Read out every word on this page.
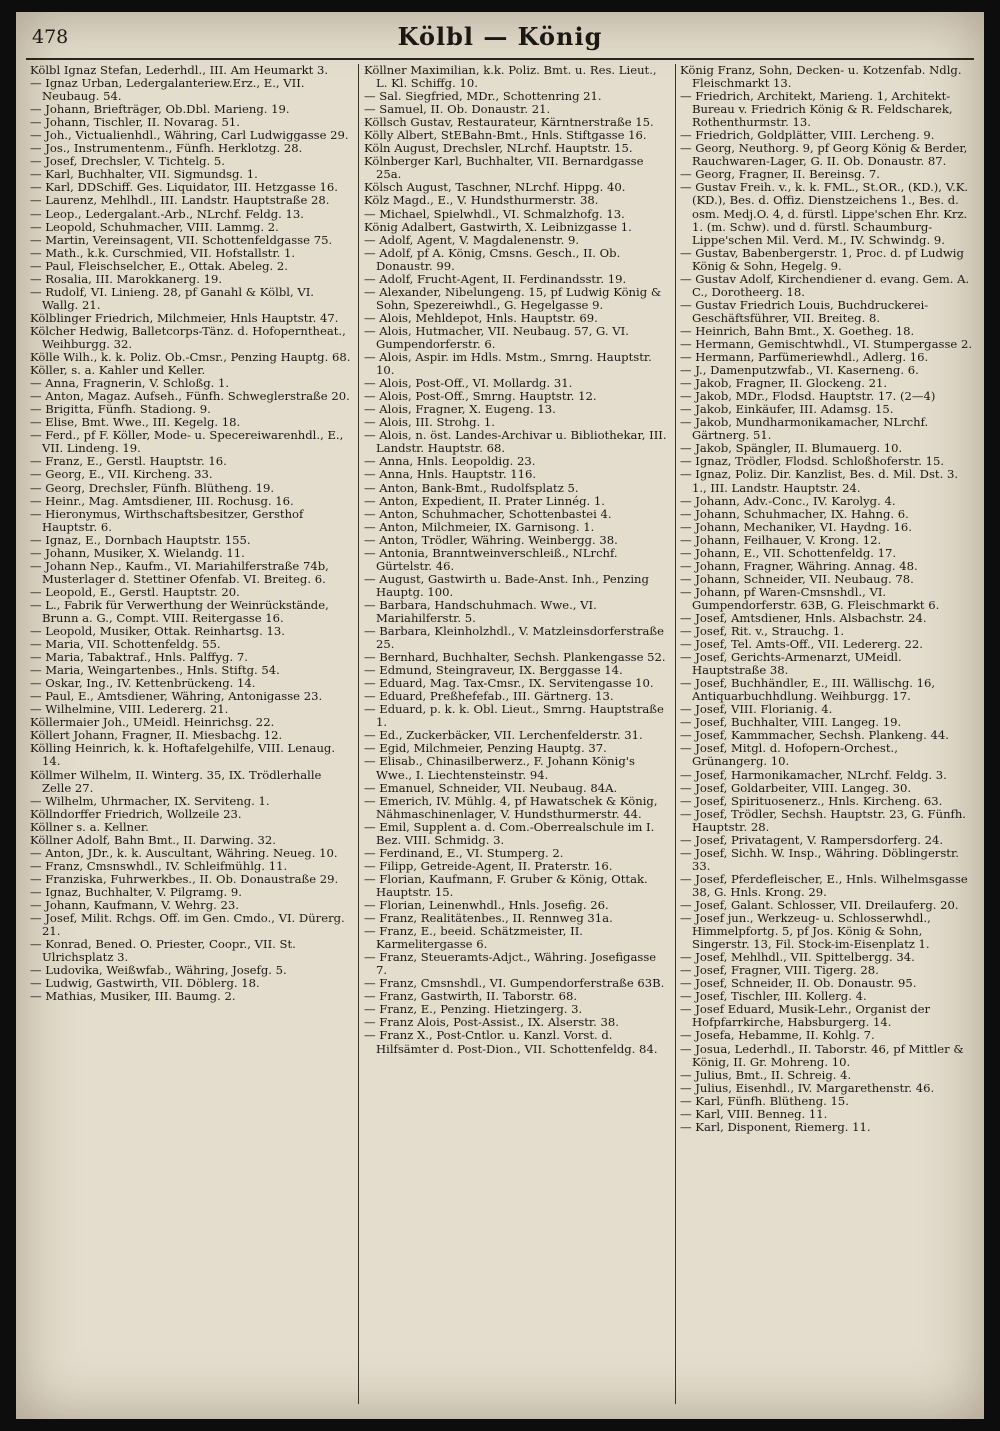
478	Kölbl — König

Kölbl Ignaz Stefan, Lederhdl., III. Am Heumarkt 3.

— Ignaz Urban, Ledergalanteriew.Erz., E., VII. Neubaug. 54.

— Johann, Briefträger, Ob.Dbl. Marieng. 19.

— Johann, Tischler, II. Novarag. 51.

— Joh., Victualienhdl., Währing, Carl Ludwiggasse 29.

— Jos., Instrumentenm., Fünfh. Herklotzg. 28.

— Josef, Drechsler, V. Tichtelg. 5.

— Karl, Buchhalter, VII. Sigmundsg. 1.

— Karl, DDSchiff. Ges. Liquidator, III. Hetzgasse 16.

— Laurenz, Mehlhdl., III. Landstr. Hauptstraße 28.

— Leop., Ledergalant.-Arb., NLrchf. Feldg. 13.

— Leopold, Schuhmacher, VIII. Lammg. 2.

— Martin, Vereinsagent, VII. Schottenfeldgasse 75.

— Math., k.k. Curschmied, VII. Hofstallstr. 1.

— Paul, Fleischselcher, E., Ottak. Abeleg. 2.

— Rosalia, III. Marokkanerg. 19.

— Rudolf, VI. Linieng. 28, pf Ganahl & Kölbl, VI. Wallg. 21.

Kölblinger Friedrich, Milchmeier, Hnls Hauptstr. 47.

Kölcher Hedwig, Balletcorps-Tänz. d. Hofoperntheat., Weihburgg. 32.

Kölle Wilh., k. k. Poliz. Ob.-Cmsr., Penzing Hauptg. 68.

Köller, s. a. Kahler und Keller.

— Anna, Fragnerin, V. Schloßg. 1.

— Anton, Magaz. Aufseh., Fünfh. Schweglerstraße 20.

— Brigitta, Fünfh. Stadiong. 9.

— Elise, Bmt. Wwe., III. Kegelg. 18.

— Ferd., pf F. Köller, Mode- u. Specereiwarenhdl., E., VII. Lindeng. 19.

— Franz, E., Gerstl. Hauptstr. 16.

— Georg, E., VII. Kircheng. 33.

— Georg, Drechsler, Fünfh. Blütheng. 19.

— Heinr., Mag. Amtsdiener, III. Rochusg. 16.

— Hieronymus, Wirthschaftsbesitzer, Gersthof Hauptstr. 6.

— Ignaz, E., Dornbach Hauptstr. 155.

— Johann, Musiker, X. Wielandg. 11.

— Johann Nep., Kaufm., VI. Mariahilferstraße 74b, Musterlager d. Stettiner Ofenfab. VI. Breiteg. 6.

— Leopold, E., Gerstl. Hauptstr. 20.

— L., Fabrik für Verwerthung der Weinrückstände, Brunn a. G., Compt. VIII. Reitergasse 16.

— Leopold, Musiker, Ottak. Reinhartsg. 13.

— Maria, VII. Schottenfeldg. 55.

— Maria, Tabaktraf., Hnls. Palffyg. 7.

— Maria, Weingartenbes., Hnls. Stiftg. 54.

— Oskar, Ing., IV. Kettenbrückeng. 14.

— Paul, E., Amtsdiener, Währing, Antonigasse 23.

— Wilhelmine, VIII. Ledererg. 21.

Köllermaier Joh., UMeidl. Heinrichsg. 22.

Köllert Johann, Fragner, II. Miesbachg. 12.

Kölling Heinrich, k. k. Hoftafelgehilfe, VIII. Lenaug. 14.

Köllmer Wilhelm, II. Winterg. 35, IX. Trödlerhalle Zelle 27.

— Wilhelm, Uhrmacher, IX. Serviteng. 1.

Köllndorffer Friedrich, Wollzeile 23.

Köllner s. a. Kellner.

Köllner Adolf, Bahn Bmt., II. Darwing. 32.

— Anton, JDr., k. k. Auscultant, Währing. Neueg. 10.

— Franz, Cmsnswhdl., IV. Schleifmühlg. 11.

— Franziska, Fuhrwerkbes., II. Ob. Donaustraße 29.

— Ignaz, Buchhalter, V. Pilgramg. 9.

— Johann, Kaufmann, V. Wehrg. 23.

— Josef, Milit. Rchgs. Off. im Gen. Cmdo., VI. Dürerg. 21.

— Konrad, Bened. O. Priester, Coopr., VII. St. Ulrichsplatz 3.

— Ludovika, Weißwfab., Währing, Josefg. 5.

— Ludwig, Gastwirth, VII. Döblerg. 18.

— Mathias, Musiker, III. Baumg. 2.

Köllner Maximilian, k.k. Poliz. Bmt. u. Res. Lieut., L. Kl. Schiffg. 10.

— Sal. Siegfried, MDr., Schottenring 21.

— Samuel, II. Ob. Donaustr. 21.

Köllsch Gustav, Restaurateur, Kärntnerstraße 15.

Kölly Albert, StEBahn-Bmt., Hnls. Stiftgasse 16.

Köln August, Drechsler, NLrchf. Hauptstr. 15.

Kölnberger Karl, Buchhalter, VII. Bernardgasse 25a.

Kölsch August, Taschner, NLrchf. Hippg. 40.

Kölz Magd., E., V. Hundsthurmerstr. 38.

— Michael, Spielwhdl., VI. Schmalzhofg. 13.

König Adalbert, Gastwirth, X. Leibnizgasse 1.

— Adolf, Agent, V. Magdalenenstr. 9.

— Adolf, pf A. König, Cmsns. Gesch., II. Ob. Donaustr. 99.

— Adolf, Frucht-Agent, II. Ferdinandsstr. 19.

— Alexander, Nibelungeng. 15, pf Ludwig König & Sohn, Spezereiwhdl., G. Hegelgasse 9.

— Alois, Mehldepot, Hnls. Hauptstr. 69.

— Alois, Hutmacher, VII. Neubaug. 57, G. VI. Gumpendorferstr. 6.

— Alois, Aspir. im Hdls. Mstm., Smrng. Hauptstr. 10.

— Alois, Post-Off., VI. Mollardg. 31.

— Alois, Post-Off., Smrng. Hauptstr. 12.

— Alois, Fragner, X. Eugeng. 13.

— Alois, III. Strohg. 1.

— Alois, n. öst. Landes-Archivar u. Bibliothekar, III. Landstr. Hauptstr. 68.

— Anna, Hnls. Leopoldig. 23.

— Anna, Hnls. Hauptstr. 116.

— Anton, Bank-Bmt., Rudolfsplatz 5.

— Anton, Expedient, II. Prater Linnég. 1.

— Anton, Schuhmacher, Schottenbastei 4.

— Anton, Milchmeier, IX. Garnisong. 1.

— Anton, Trödler, Währing. Weinbergg. 38.

— Antonia, Branntweinverschleiß., NLrchf. Gürtelstr. 46.

— August, Gastwirth u. Bade-Anst. Inh., Penzing Hauptg. 100.

— Barbara, Handschuhmach. Wwe., VI. Mariahilferstr. 5.

— Barbara, Kleinholzhdl., V. Matzleinsdorferstraße 25.

— Bernhard, Buchhalter, Sechsh. Plankengasse 52.

— Edmund, Steingraveur, IX. Berggasse 14.

— Eduard, Mag. Tax-Cmsr., IX. Servitengasse 10.

— Eduard, Preßhefefab., III. Gärtnerg. 13.

— Eduard, p. k. k. Obl. Lieut., Smrng. Hauptstraße 1.

— Ed., Zuckerbäcker, VII. Lerchenfelderstr. 31.

— Egid, Milchmeier, Penzing Hauptg. 37.

— Elisab., Chinasilberwerz., F. Johann König's Wwe., I. Liechtensteinstr. 94.

— Emanuel, Schneider, VII. Neubaug. 84A.

— Emerich, IV. Mühlg. 4, pf Hawatschek & König, Nähmaschinenlager, V. Hundsthurmerstr. 44.

— Emil, Supplent a. d. Com.-Oberrealschule im I. Bez. VIII. Schmidg. 3.

— Ferdinand, E., VI. Stumperg. 2.

— Filipp, Getreide-Agent, II. Praterstr. 16.

— Florian, Kaufmann, F. Gruber & König, Ottak. Hauptstr. 15.

— Florian, Leinenwhdl., Hnls. Josefig. 26.

— Franz, Realitätenbes., II. Rennweg 31a.

— Franz, E., beeid. Schätzmeister, II. Karmelitergasse 6.

— Franz, Steueramts-Adjct., Währing. Josefigasse 7.

— Franz, Cmsnshdl., VI. Gumpendorferstraße 63B.

— Franz, Gastwirth, II. Taborstr. 68.

— Franz, E., Penzing. Hietzingerg. 3.

— Franz Alois, Post-Assist., IX. Alserstr. 38.

— Franz X., Post-Cntlor. u. Kanzl. Vorst. d. Hilfsämter d. Post-Dion., VII. Schottenfeldg. 84.

König Franz, Sohn, Decken- u. Kotzenfab. Ndlg. Fleischmarkt 13.

— Friedrich, Architekt, Marieng. 1, Architekt-Bureau v. Friedrich König & R. Feldscharek, Rothenthurmstr. 13.

— Friedrich, Goldplätter, VIII. Lercheng. 9.

— Georg, Neuthorg. 9, pf Georg König & Berder, Rauchwaren-Lager, G. II. Ob. Donaustr. 87.

— Georg, Fragner, II. Bereinsg. 7.

— Gustav Freih. v., k. k. FML., St.OR., (KD.), V.K. (KD.), Bes. d. Offiz. Dienstzeichens 1., Bes. d. osm. Medj.O. 4, d. fürstl. Lippe'schen Ehr. Krz. 1. (m. Schw). und d. fürstl. Schaumburg-Lippe'schen Mil. Verd. M., IV. Schwindg. 9.

— Gustav, Babenbergerstr. 1, Proc. d. pf Ludwig König & Sohn, Hegelg. 9.

— Gustav Adolf, Kirchendiener d. evang. Gem. A. C., Dorotheerg. 18.

— Gustav Friedrich Louis, Buchdruckerei-Geschäftsführer, VII. Breiteg. 8.

— Heinrich, Bahn Bmt., X. Goetheg. 18.

— Hermann, Gemischtwhdl., VI. Stumpergasse 2.

— Hermann, Parfümeriewhdl., Adlerg. 16.

— J., Damenputzwfab., VI. Kaserneng. 6.

— Jakob, Fragner, II. Glockeng. 21.

— Jakob, MDr., Flodsd. Hauptstr. 17. (2—4)

— Jakob, Einkäufer, III. Adamsg. 15.

— Jakob, Mundharmonikamacher, NLrchf. Gärtnerg. 51.

— Jakob, Spängler, II. Blumauerg. 10.

— Ignaz, Trödler, Flodsd. Schloßhoferstr. 15.

— Ignaz, Poliz. Dir. Kanzlist, Bes. d. Mil. Dst. 3. 1., III. Landstr. Hauptstr. 24.

— Johann, Adv.-Conc., IV. Karolyg. 4.

— Johann, Schuhmacher, IX. Hahng. 6.

— Johann, Mechaniker, VI. Haydng. 16.

— Johann, Feilhauer, V. Krong. 12.

— Johann, E., VII. Schottenfeldg. 17.

— Johann, Fragner, Währing. Annag. 48.

— Johann, Schneider, VII. Neubaug. 78.

— Johann, pf Waren-Cmsnshdl., VI. Gumpendorferstr. 63B, G. Fleischmarkt 6.

— Josef, Amtsdiener, Hnls. Alsbachstr. 24.

— Josef, Rit. v., Strauchg. 1.

— Josef, Tel. Amts-Off., VII. Ledererg. 22.

— Josef, Gerichts-Armenarzt, UMeidl. Hauptstraße 38.

— Josef, Buchhändler, E., III. Wällischg. 16, Antiquarbuchhdlung. Weihburgg. 17.

— Josef, VIII. Florianig. 4.

— Josef, Buchhalter, VIII. Langeg. 19.

— Josef, Kammmacher, Sechsh. Plankeng. 44.

— Josef, Mitgl. d. Hofopern-Orchest., Grünangerg. 10.

— Josef, Harmonikamacher, NLrchf. Feldg. 3.

— Josef, Goldarbeiter, VIII. Langeg. 30.

— Josef, Spirituosenerz., Hnls. Kircheng. 63.

— Josef, Trödler, Sechsh. Hauptstr. 23, G. Fünfh. Hauptstr. 28.

— Josef, Privatagent, V. Rampersdorferg. 24.

— Josef, Sichh. W. Insp., Währing. Döblingerstr. 33.

— Josef, Pferdefleischer, E., Hnls. Wilhelmsgasse 38, G. Hnls. Krong. 29.

— Josef, Galant. Schlosser, VII. Dreilauferg. 20.

— Josef jun., Werkzeug- u. Schlosserwhdl., Himmelpfortg. 5, pf Jos. König & Sohn, Singerstr. 13, Fil. Stock-im-Eisenplatz 1.

— Josef, Mehlhdl., VII. Spittelbergg. 34.

— Josef, Fragner, VIII. Tigerg. 28.

— Josef, Schneider, II. Ob. Donaustr. 95.

— Josef, Tischler, III. Kollerg. 4.

— Josef Eduard, Musik-Lehr., Organist der Hofpfarrkirche, Habsburgerg. 14.

— Josefa, Hebamme, II. Kohlg. 7.

— Josua, Lederhdl., II. Taborstr. 46, pf Mittler & König, II. Gr. Mohreng. 10.

— Julius, Bmt., II. Schreig. 4.

— Julius, Eisenhdl., IV. Margarethenstr. 46.

— Karl, Fünfh. Blütheng. 15.

— Karl, VIII. Benneg. 11.

— Karl, Disponent, Riemerg. 11.
